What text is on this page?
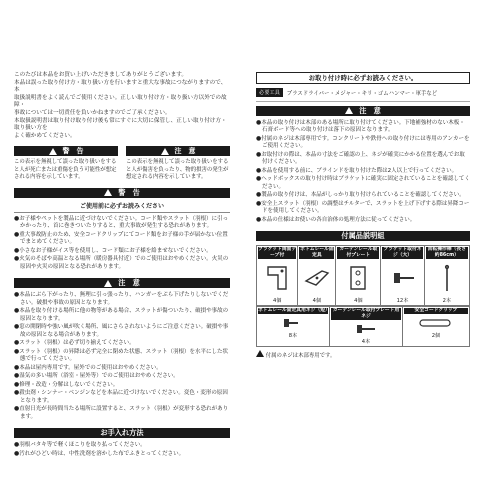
このたびは本品をお買い上げいただきましてありがとうございます。

本品は誤った取り付け方・取り扱い方を行いますと重大な事故につながりますので、本

取扱説明書をよく読んでご使用ください。正しい取り付け方・取り扱い方以外での故障・

事故については一切責任を負いかねますのでご了承ください。

本取扱説明書は取り付け取り付け後も常にすぐに大切に保管し、正しい取り付け方・取り扱い方を

よく確かめてください。

警　告
この表示を無視して誤った取り扱いをすると人が死亡または重傷を負う可能性が想定される内容を示しています。
注　意
この表示を無視して誤った取り扱いをすると人が傷害を負ったり、物的損害の発生が想定される内容を示しています。
警　告
ご使用前に必ずお読みください

●お子様やペットを製品に近づけないでください。コード類やスラット（羽根）に引っかかったり、首に巻きついたりすると、重大事故が発生する恐れがあります。

●重大事故防止のため、安全コードクリップにてコード類をお子様の手が届かない位置でまとめてください。

●小さなお子様がイス等を使用し、コード類にお子様を絡ませないでください。

●火気のそばや高温となる場所（暖房器具付近）でのご使用はおやめください。火災の原因や火災の原因となる恐れがあります。

注　意

●本品にぶら下がったり、無理に引っ張ったり、ハンガーをぶら下げたりしないでください。破損や事故の原因となります。

●本品を取り付ける場所に他の物等がある場合、スラットが傷ついたり、破損や事故の原因となります。

●窓の開閉時や強い風が吹く場所、風にさらされないようにご注意ください。破損や事故の原因となる場合があります。

●スラット（羽根）は必ず切り揃えてください。

●スラット（羽根）の昇降は必ず完全に閉めた状態、スラット（羽根）を水平にした状態で行ってください。

●本品は屋内専用です。屋外でのご使用はおやめください。

●湿気の多い場所（浴室・屋外等）でのご使用はおやめください。

●修理・改造・分解はしないでください。

●殺虫剤・シンナー・ベンジンなどを本品に近づけないでください。変色・変形の原因となります。

●直射日光が長時間当たる場所に設置すると、スラット（羽根）が変形する恐れがあります。

お手入れ方法

●羽根バタキ等で軽くほこりを取り払ってください。

●汚れがひどい時は、中性洗剤を溶かした布でふきとってください。

お取り付け時に必ずお読みください。
必要工具	プラスドライバー・メジャー・キリ・ゴムハンマー・軍手など
注　意

●本品の取り付けは木部のある場所に取り付けてください。下地補強材のない木板・石膏ボード等への取り付けは落下の原因となります。

●付属のネジは木部専用です。コンクリートや鉄骨への取り付けには専用のアンカーをご使用ください。

●お取付けの際は、本品の寸法をご確認の上、ネジが確実にかかる位置を選んでお取付けください。

●本品を使用する前に、ブラインドを取り付けた際は2人以上で行ってください。

●ヘッドボックスの取り付け時はブラケットに確実に固定されていることを確認してください。

●製品の取り付けは、本品がしっかり取り付けられていることを確認してください。

●安全上スラット（羽根）の調整はチルターで、スラットを上げ下げする際は昇降コードを使用してください。

●本品の仕様はお使いの各自治体の処理方法に従ってください。

付属品説明組
ブラケット両面テープ付
4個

ボトムレール固定具
4個

カーテンレール取付プレート
4個

ブラケット取付ネジ（大）
12本

回転操作棒（長さ約86cm）
2本
ボトムレール固定具用ネジ（短）
8本

カーテンレール取付プレート用ネジ
4本

安全コードクリップ
2個
付属のネジは木部専用です。
